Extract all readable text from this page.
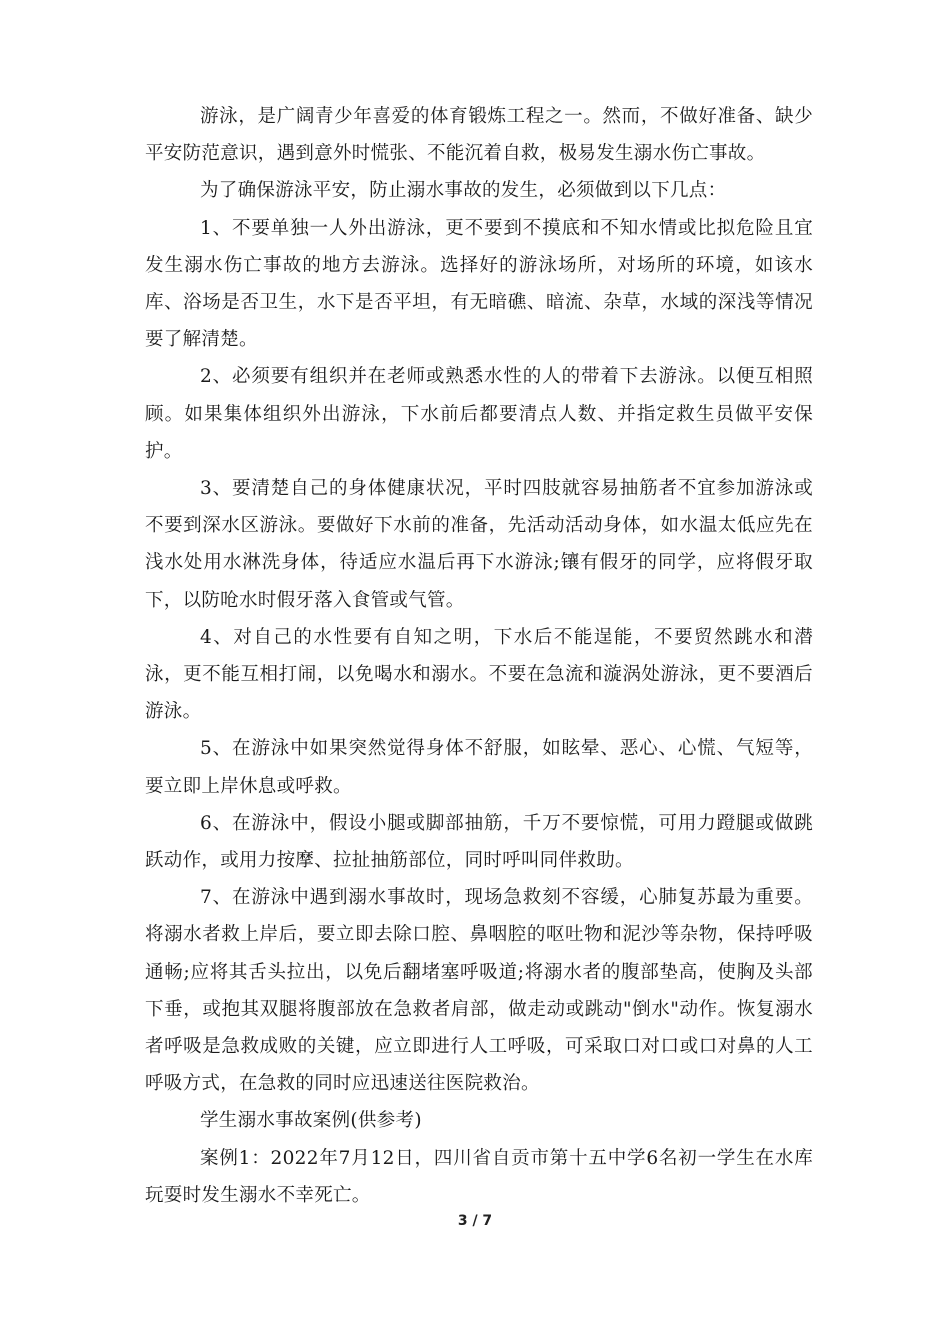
游泳，是广阔青少年喜爱的体育锻炼工程之一。然而，不做好准备、缺少平安防范意识，遇到意外时慌张、不能沉着自救，极易发生溺水伤亡事故。

为了确保游泳平安，防止溺水事故的发生，必须做到以下几点：

1、不要单独一人外出游泳，更不要到不摸底和不知水情或比拟危险且宜发生溺水伤亡事故的地方去游泳。选择好的游泳场所，对场所的环境，如该水库、浴场是否卫生，水下是否平坦，有无暗礁、暗流、杂草，水域的深浅等情况要了解清楚。

2、必须要有组织并在老师或熟悉水性的人的带着下去游泳。以便互相照顾。如果集体组织外出游泳，下水前后都要清点人数、并指定救生员做平安保护。

3、要清楚自己的身体健康状况，平时四肢就容易抽筋者不宜参加游泳或不要到深水区游泳。要做好下水前的准备，先活动活动身体，如水温太低应先在浅水处用水淋洗身体，待适应水温后再下水游泳;镶有假牙的同学，应将假牙取下，以防呛水时假牙落入食管或气管。

4、对自己的水性要有自知之明，下水后不能逞能，不要贸然跳水和潜泳，更不能互相打闹，以免喝水和溺水。不要在急流和漩涡处游泳，更不要酒后游泳。

5、在游泳中如果突然觉得身体不舒服，如眩晕、恶心、心慌、气短等，要立即上岸休息或呼救。

6、在游泳中，假设小腿或脚部抽筋，千万不要惊慌，可用力蹬腿或做跳跃动作，或用力按摩、拉扯抽筋部位，同时呼叫同伴救助。

7、在游泳中遇到溺水事故时，现场急救刻不容缓，心肺复苏最为重要。将溺水者救上岸后，要立即去除口腔、鼻咽腔的呕吐物和泥沙等杂物，保持呼吸通畅;应将其舌头拉出，以免后翻堵塞呼吸道;将溺水者的腹部垫高，使胸及头部下垂，或抱其双腿将腹部放在急救者肩部，做走动或跳动"倒水"动作。恢复溺水者呼吸是急救成败的关键，应立即进行人工呼吸，可采取口对口或口对鼻的人工呼吸方式，在急救的同时应迅速送往医院救治。

学生溺水事故案例(供参考)

案例1：2022年7月12日，四川省自贡市第十五中学6名初一学生在水库玩耍时发生溺水不幸死亡。

3 / 7
